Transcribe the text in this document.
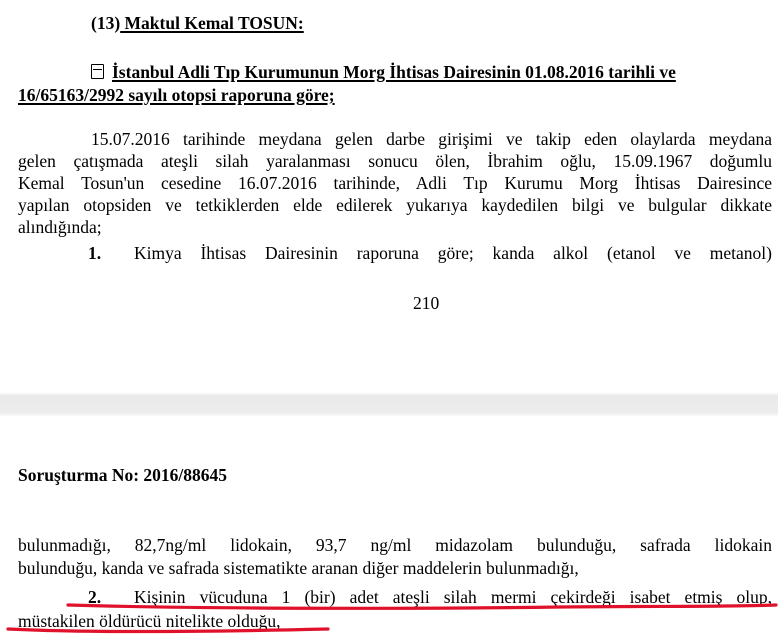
(13) Maktul Kemal TOSUN:
İstanbul Adli Tıp Kurumunun Morg İhtisas Dairesinin 01.08.2016 tarihli ve
16/65163/2992 sayılı otopsi raporuna göre;
15.07.2016 tarihinde meydana gelen darbe girişimi ve takip eden olaylarda meydana
gelen çatışmada ateşli silah yaralanması sonucu ölen, İbrahim oğlu, 15.09.1967 doğumlu
Kemal Tosun'un cesedine 16.07.2016 tarihinde, Adli Tıp Kurumu Morg İhtisas Dairesince
yapılan otopsiden ve tetkiklerden elde edilerek yukarıya kaydedilen bilgi ve bulgular dikkate
alındığında;
1. Kimya İhtisas Dairesinin raporuna göre; kanda alkol (etanol ve metanol)
210
Soruşturma No: 2016/88645
bulunmadığı, 82,7ng/ml lidokain, 93,7 ng/ml midazolam bulunduğu, safrada lidokain
bulunduğu, kanda ve safrada sistematikte aranan diğer maddelerin bulunmadığı,
2. Kişinin vücuduna 1 (bir) adet ateşli silah mermi çekirdeği isabet etmiş olup,
müstakilen öldürücü nitelikte olduğu,
